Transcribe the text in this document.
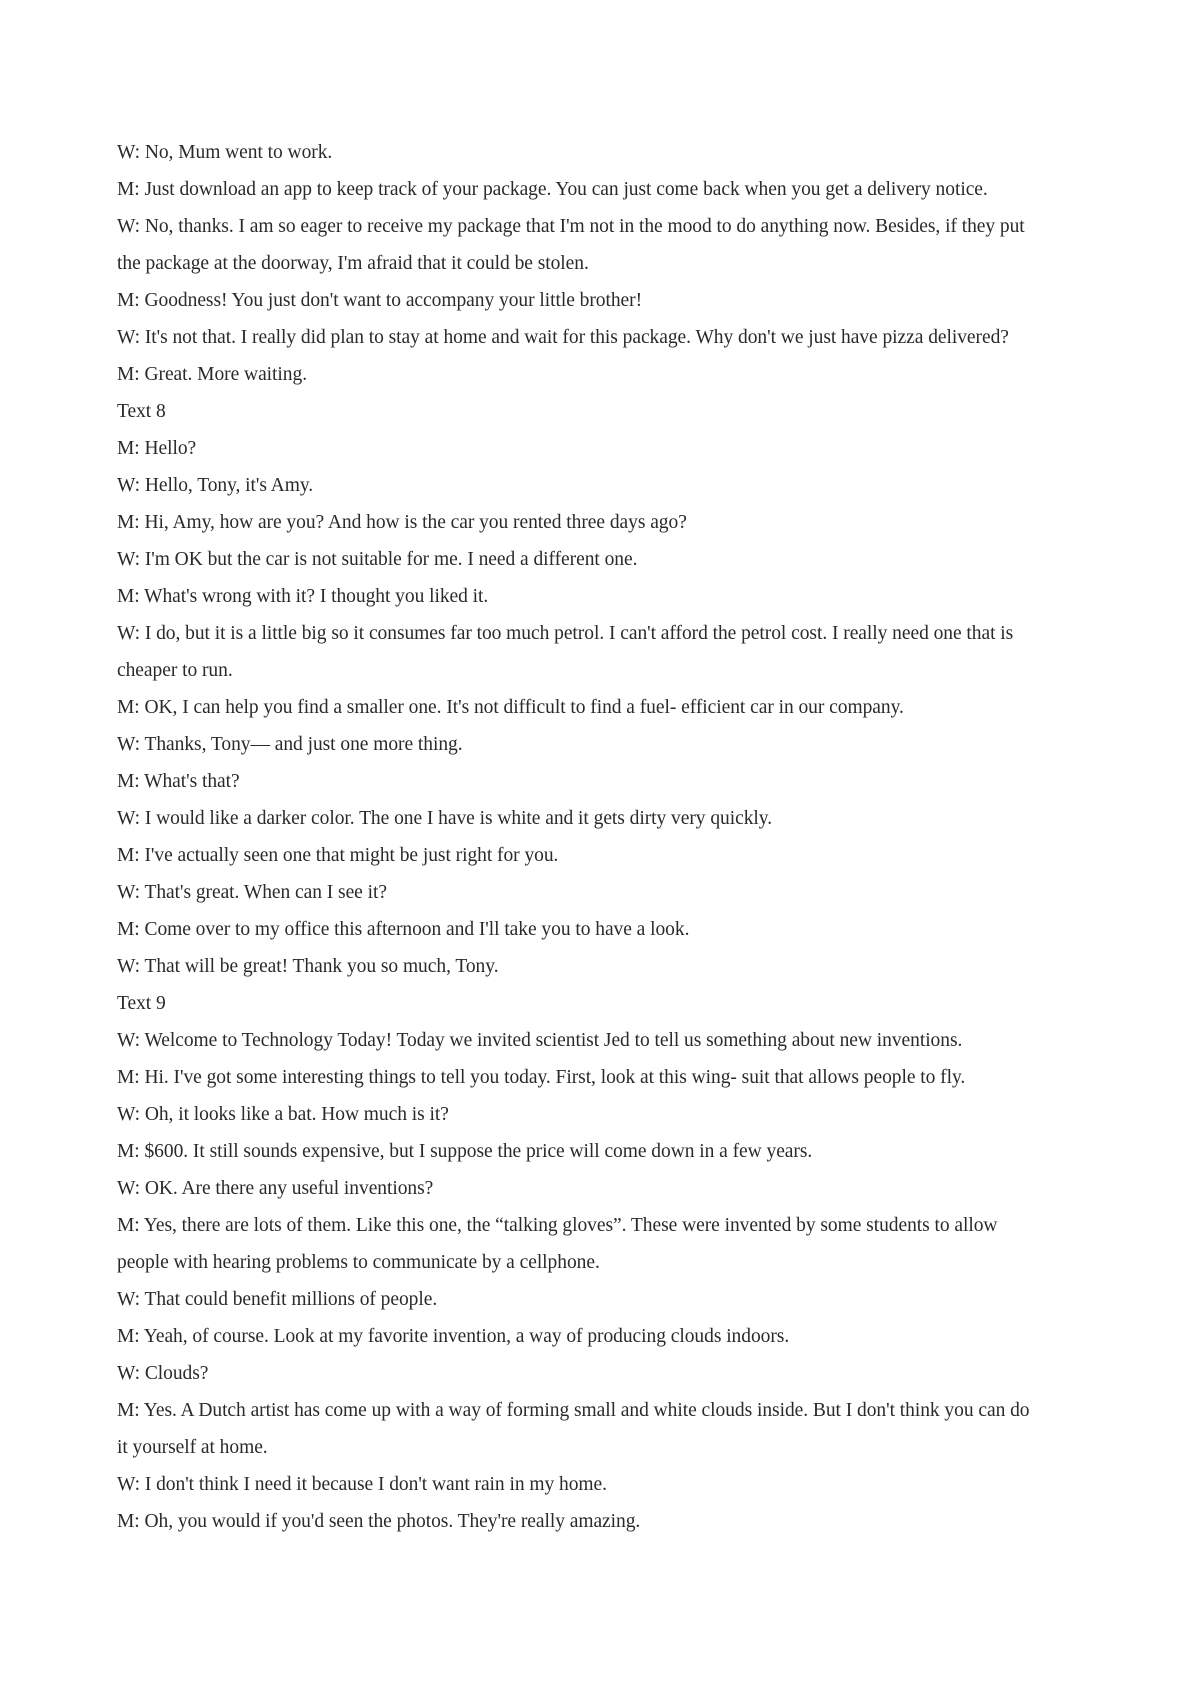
W: No, Mum went to work.
M: Just download an app to keep track of your package. You can just come back when you get a delivery notice.
W: No, thanks. I am so eager to receive my package that I'm not in the mood to do anything now. Besides, if they put
the package at the doorway, I'm afraid that it could be stolen.
M: Goodness! You just don't want to accompany your little brother!
W: It's not that. I really did plan to stay at home and wait for this package. Why don't we just have pizza delivered?
M: Great. More waiting.
Text 8
M: Hello?
W: Hello, Tony, it's Amy.
M: Hi, Amy, how are you? And how is the car you rented three days ago?
W: I'm OK but the car is not suitable for me. I need a different one.
M: What's wrong with it? I thought you liked it.
W: I do, but it is a little big so it consumes far too much petrol. I can't afford the petrol cost. I really need one that is
cheaper to run.
M: OK, I can help you find a smaller one. It's not difficult to find a fuel- efficient car in our company.
W: Thanks, Tony— and just one more thing.
M: What's that?
W: I would like a darker color. The one I have is white and it gets dirty very quickly.
M: I've actually seen one that might be just right for you.
W: That's great. When can I see it?
M: Come over to my office this afternoon and I'll take you to have a look.
W: That will be great! Thank you so much, Tony.
Text 9
W: Welcome to Technology Today! Today we invited scientist Jed to tell us something about new inventions.
M: Hi. I've got some interesting things to tell you today. First, look at this wing- suit that allows people to fly.
W: Oh, it looks like a bat. How much is it?
M: $600. It still sounds expensive, but I suppose the price will come down in a few years.
W: OK. Are there any useful inventions?
M: Yes, there are lots of them. Like this one, the “talking gloves”. These were invented by some students to allow
people with hearing problems to communicate by a cellphone.
W: That could benefit millions of people.
M: Yeah, of course. Look at my favorite invention, a way of producing clouds indoors.
W: Clouds?
M: Yes. A Dutch artist has come up with a way of forming small and white clouds inside. But I don't think you can do
it yourself at home.
W: I don't think I need it because I don't want rain in my home.
M: Oh, you would if you'd seen the photos. They're really amazing.
